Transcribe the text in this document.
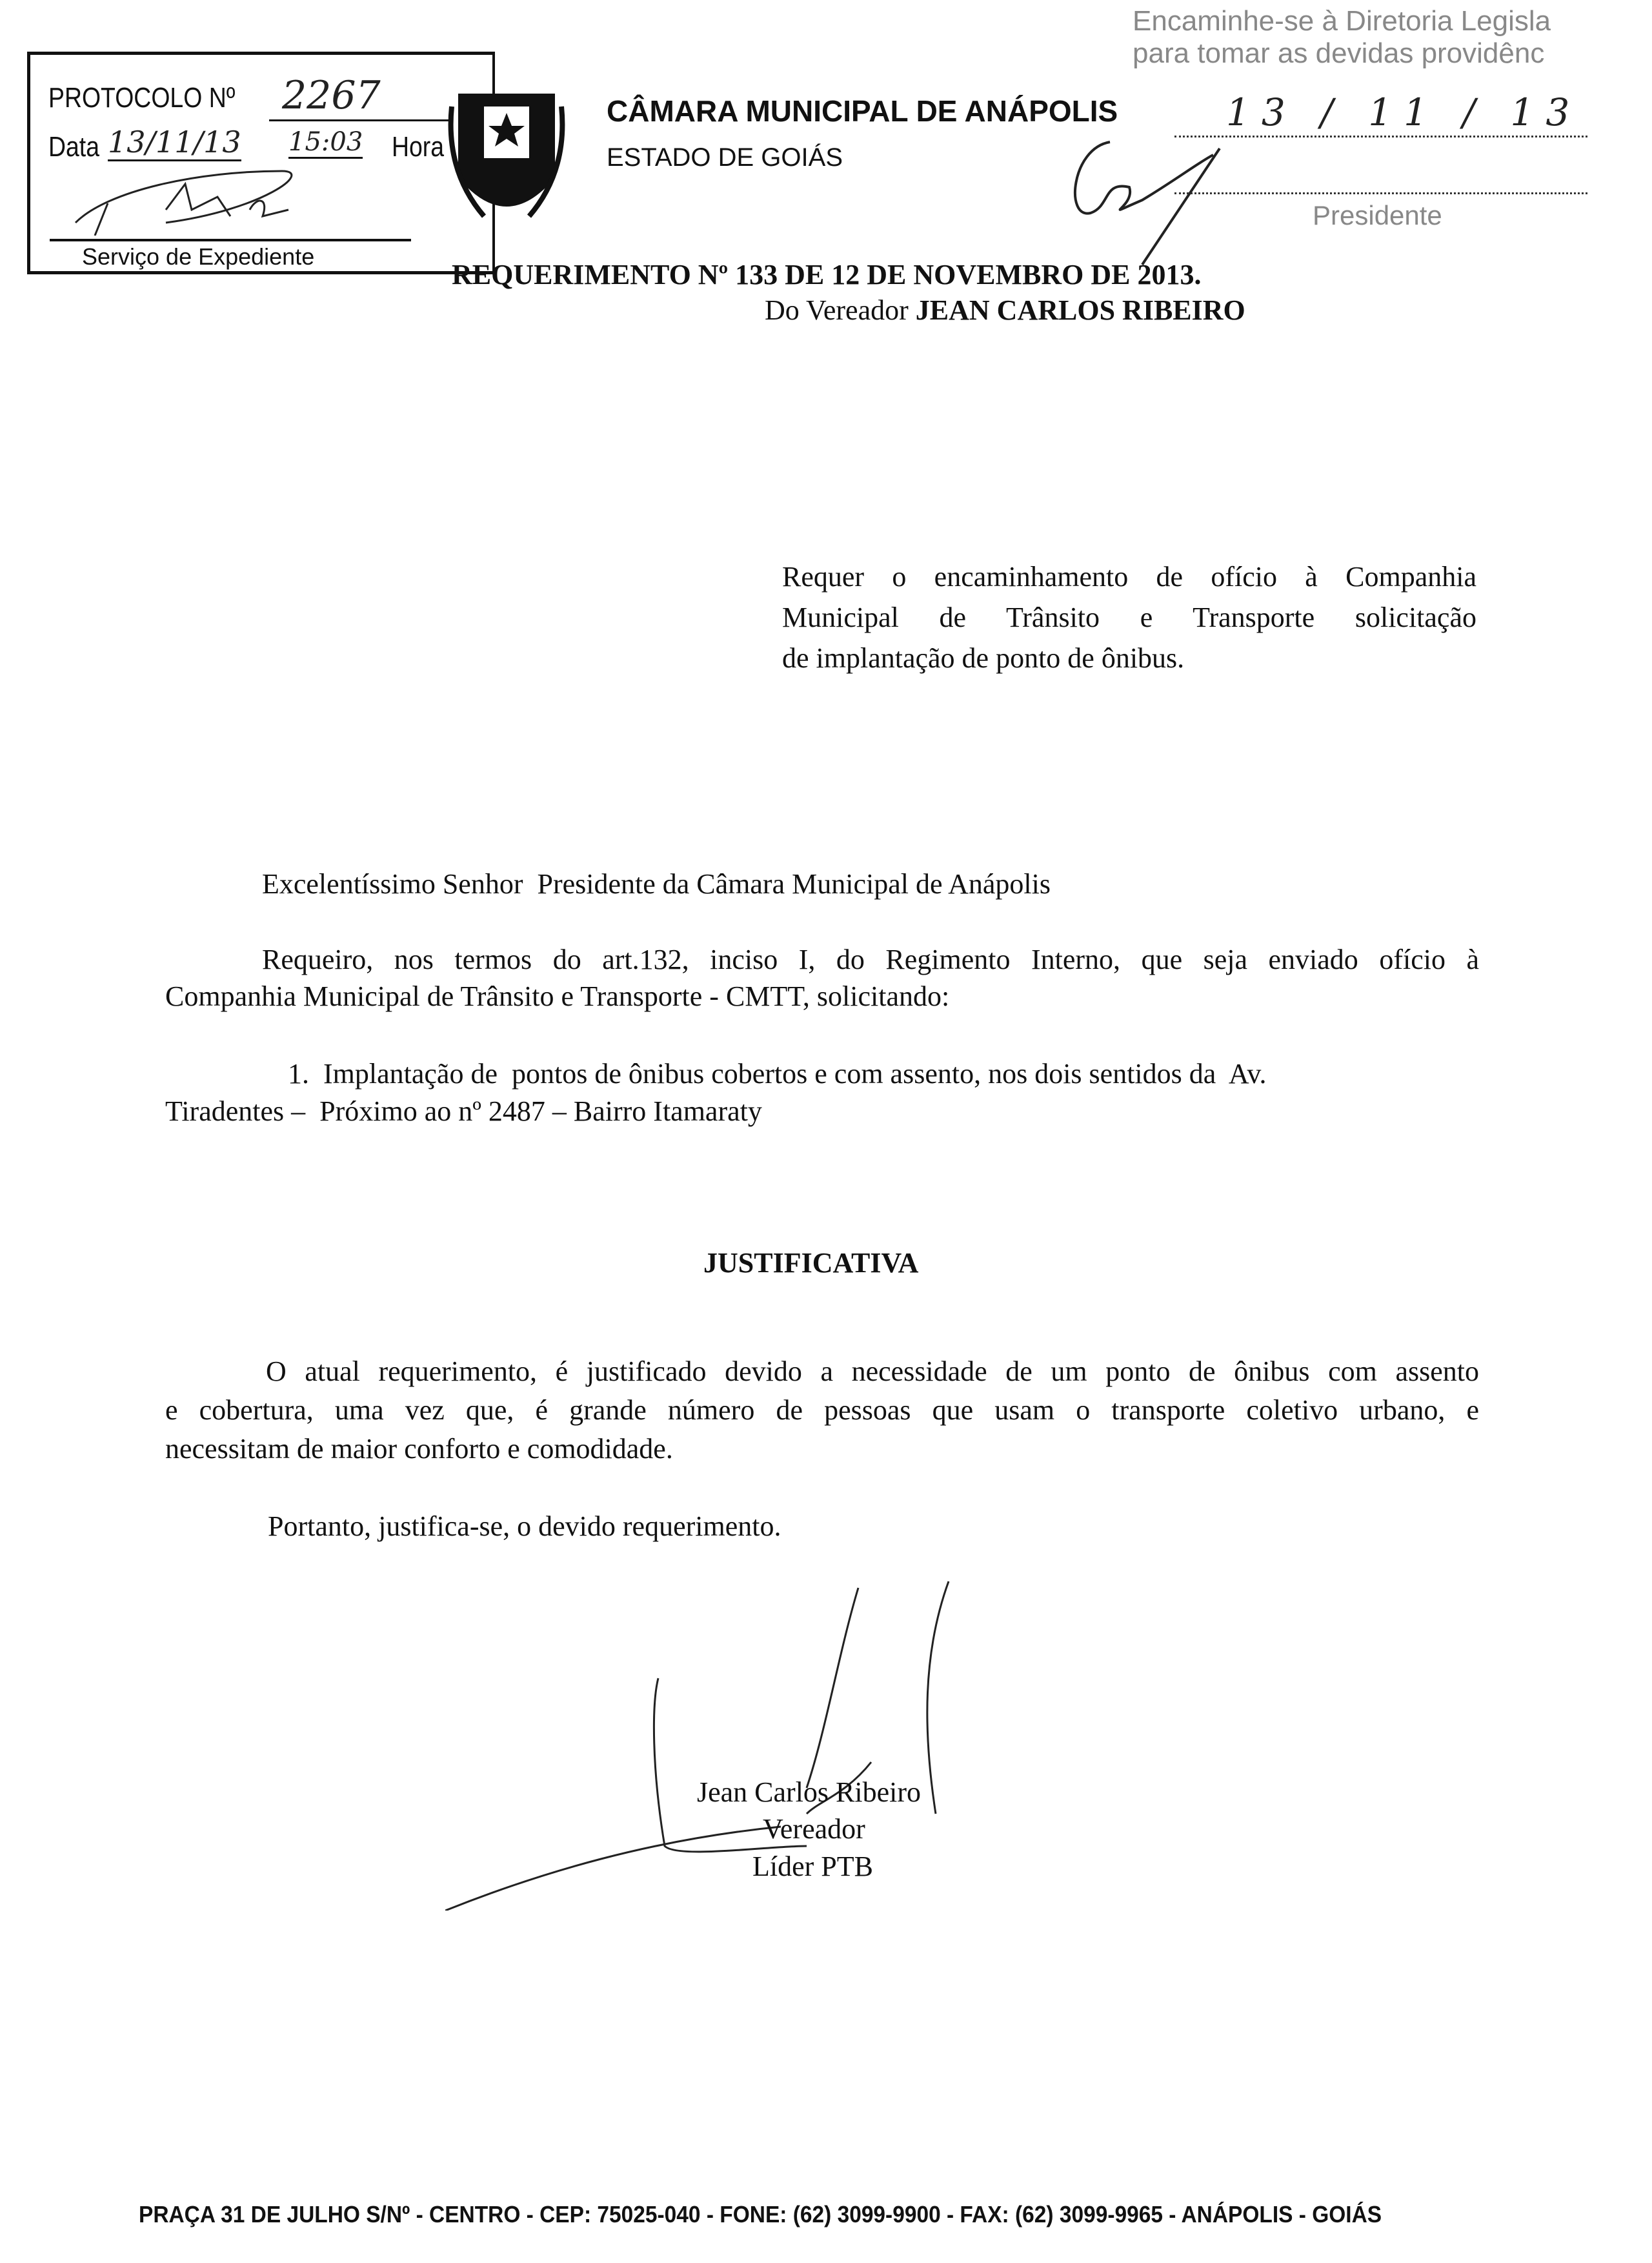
PROTOCOLO Nº 2267
Data 13/11/13 15:03 Hora
Serviço de Expediente
CÂMARA MUNICIPAL DE ANÁPOLIS
ESTADO DE GOIÁS
Encaminhe-se à Diretoria Legisla
para tomar as devidas providênc
13 / 11 / 13
Presidente
REQUERIMENTO Nº 133 DE 12 DE NOVEMBRO DE 2013.
Do Vereador JEAN CARLOS RIBEIRO
Requer o encaminhamento de ofício à Companhia
Municipal de Trânsito e Transporte solicitação
de implantação de ponto de ônibus.
Excelentíssimo Senhor  Presidente da Câmara Municipal de Anápolis
Requeiro, nos termos do art.132, inciso I, do Regimento Interno, que seja enviado ofício à
Companhia Municipal de Trânsito e Transporte - CMTT, solicitando:
1.  Implantação de  pontos de ônibus cobertos e com assento, nos dois sentidos da  Av.
Tiradentes –  Próximo ao nº 2487 – Bairro Itamaraty
JUSTIFICATIVA
O atual requerimento, é justificado devido a necessidade de um ponto de ônibus com assento
e cobertura, uma vez que, é grande número de pessoas que usam o transporte coletivo urbano, e
necessitam de maior conforto e comodidade.
Portanto, justifica-se, o devido requerimento.
Jean Carlos Ribeiro
Vereador
Líder PTB
PRAÇA 31 DE JULHO S/Nº - CENTRO - CEP: 75025-040 - FONE: (62) 3099-9900 - FAX: (62) 3099-9965 - ANÁPOLIS - GOIÁS
